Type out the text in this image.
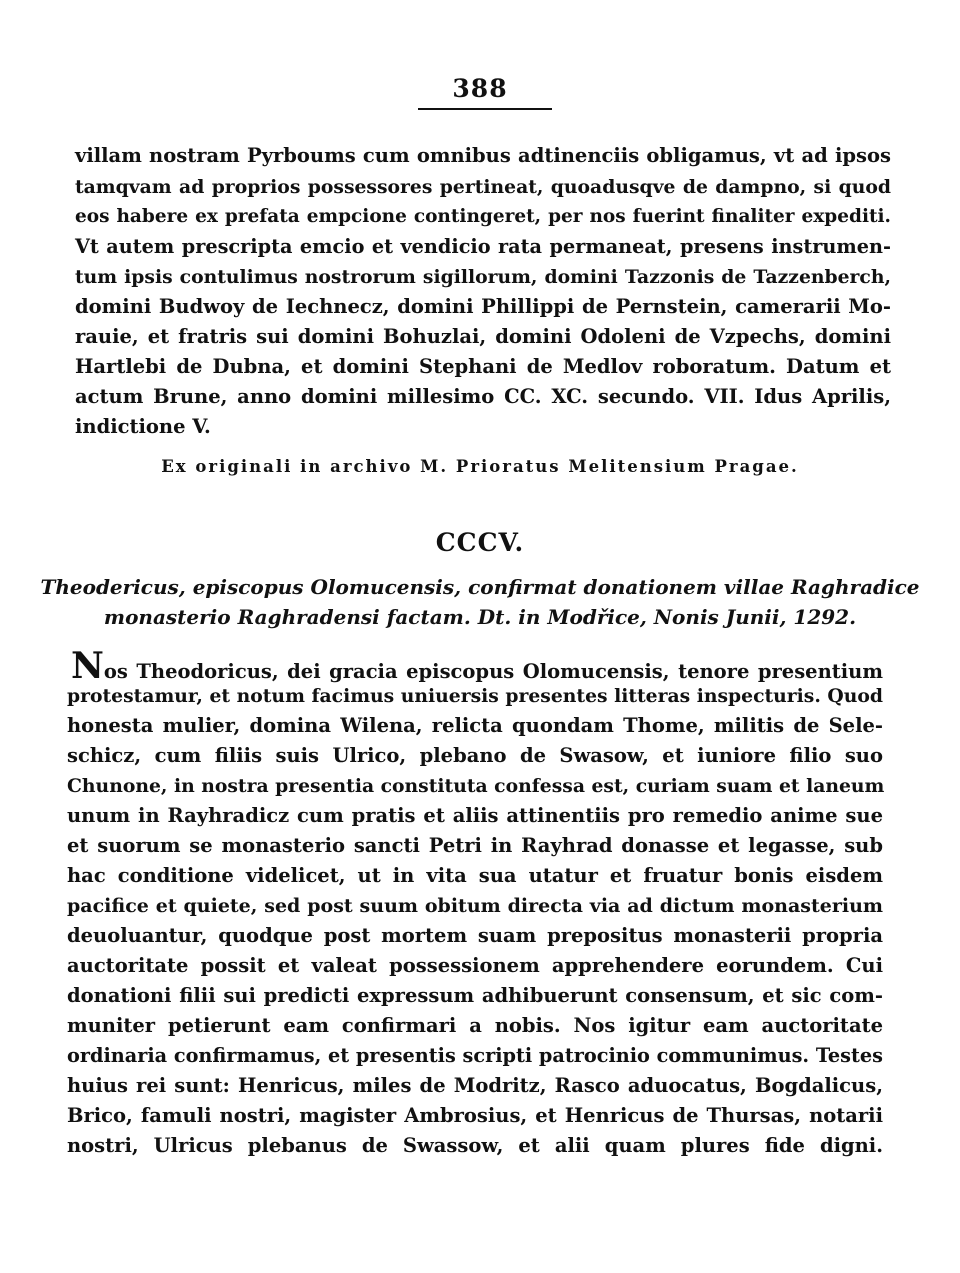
388
villam nostram Pyrboums cum omnibus adtinenciis obligamus, vt ad ipsos
tamqvam ad proprios possessores pertineat, quoadusqve de dampno, si quod
eos habere ex prefata empcione contingeret, per nos fuerint finaliter expediti.
Vt autem prescripta emcio et vendicio rata permaneat, presens instrumen-
tum ipsis contulimus nostrorum sigillorum, domini Tazzonis de Tazzenberch,
domini Budwoy de Iechnecz, domini Phillippi de Pernstein, camerarii Mo-
rauie, et fratris sui domini Bohuzlai, domini Odoleni de Vzpechs, domini
Hartlebi de Dubna, et domini Stephani de Medlov roboratum. Datum et
actum Brune, anno domini millesimo CC. XC. secundo. VII. Idus Aprilis,
indictione V.
Ex originali in archivo M. Prioratus Melitensium Pragae.
CCCV.
Theodericus, episcopus Olomucensis, confirmat donationem villae Raghradice
monasterio Raghradensi factam. Dt. in Modřice, Nonis Junii, 1292.
Nos Theodoricus, dei gracia episcopus Olomucensis, tenore presentium
protestamur, et notum facimus uniuersis presentes litteras inspecturis. Quod
honesta mulier, domina Wilena, relicta quondam Thome, militis de Sele-
schicz, cum filiis suis Ulrico, plebano de Swasow, et iuniore filio suo
Chunone, in nostra presentia constituta confessa est, curiam suam et laneum
unum in Rayhradicz cum pratis et aliis attinentiis pro remedio anime sue
et suorum se monasterio sancti Petri in Rayhrad donasse et legasse, sub
hac conditione videlicet, ut in vita sua utatur et fruatur bonis eisdem
pacifice et quiete, sed post suum obitum directa via ad dictum monasterium
deuoluantur, quodque post mortem suam prepositus monasterii propria
auctoritate possit et valeat possessionem apprehendere eorundem. Cui
donationi filii sui predicti expressum adhibuerunt consensum, et sic com-
muniter petierunt eam confirmari a nobis. Nos igitur eam auctoritate
ordinaria confirmamus, et presentis scripti patrocinio communimus. Testes
huius rei sunt: Henricus, miles de Modritz, Rasco aduocatus, Bogdalicus,
Brico, famuli nostri, magister Ambrosius, et Henricus de Thursas, notarii
nostri, Ulricus plebanus de Swassow, et alii quam plures fide digni.
